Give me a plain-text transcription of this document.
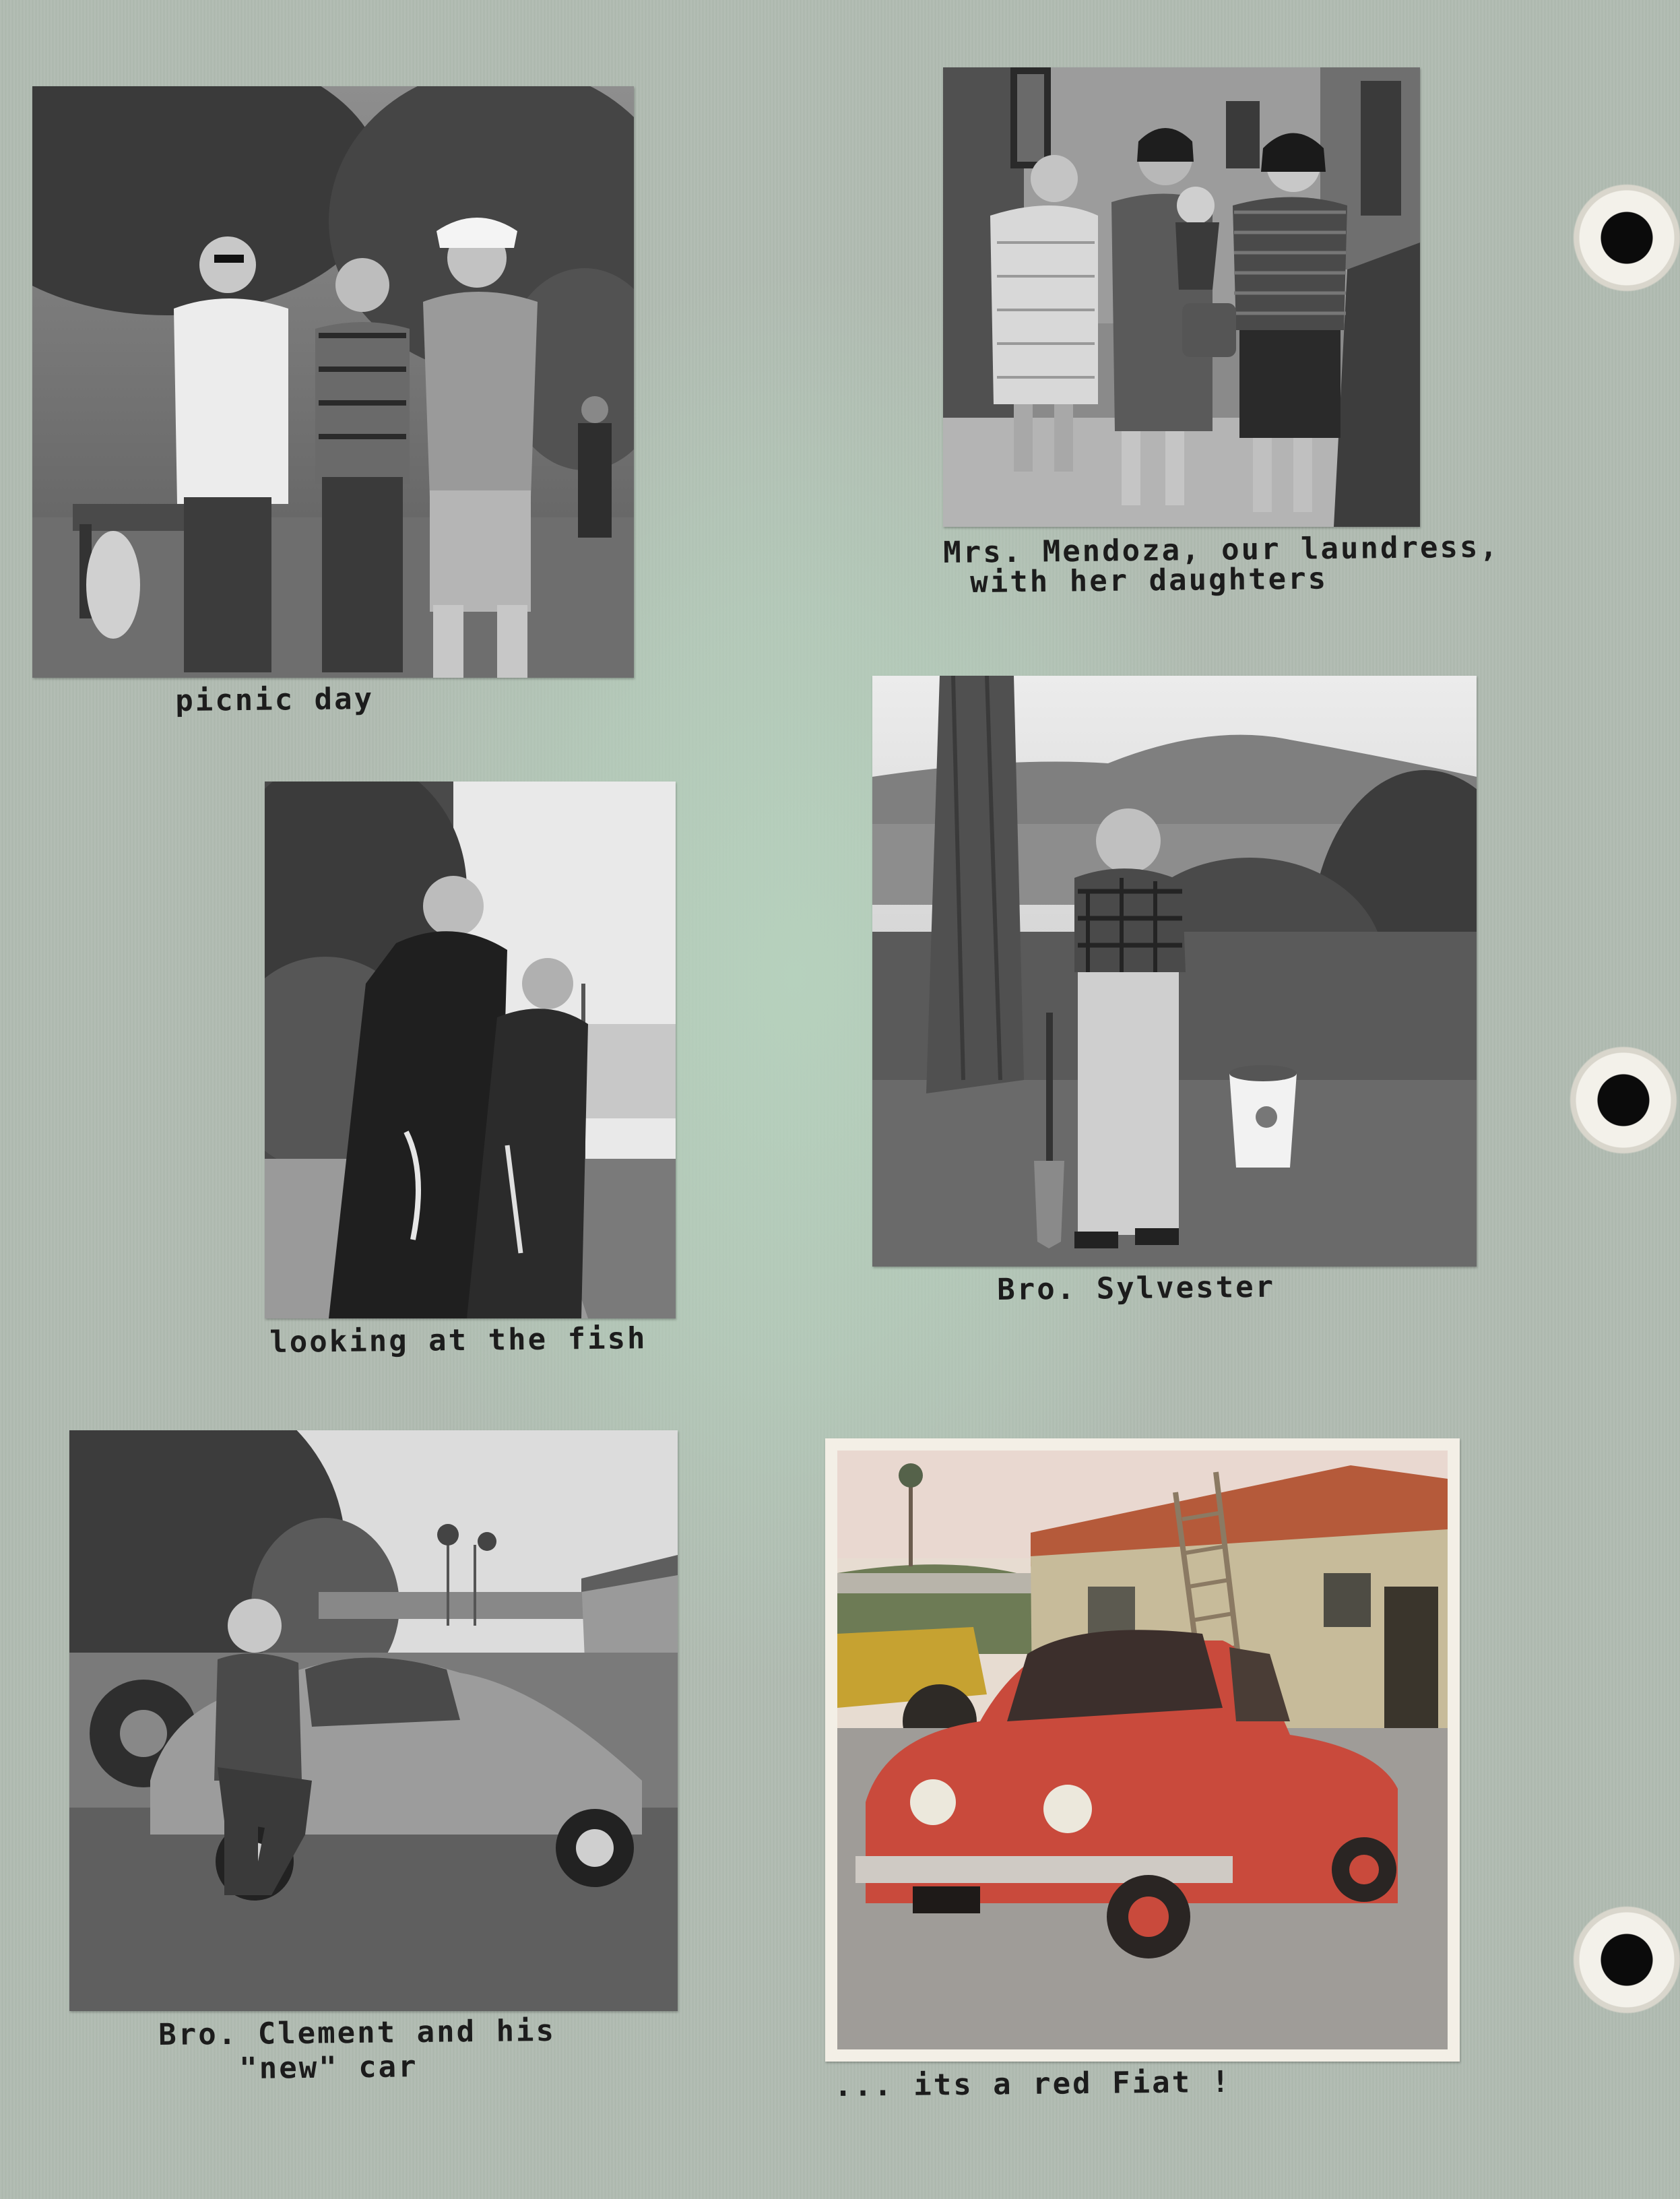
picnic day
Mrs. Mendoza, our laundress,
with her daughters
looking at the fish
Bro. Sylvester
Bro. Clement and his
"new" car	... its a red Fiat !
